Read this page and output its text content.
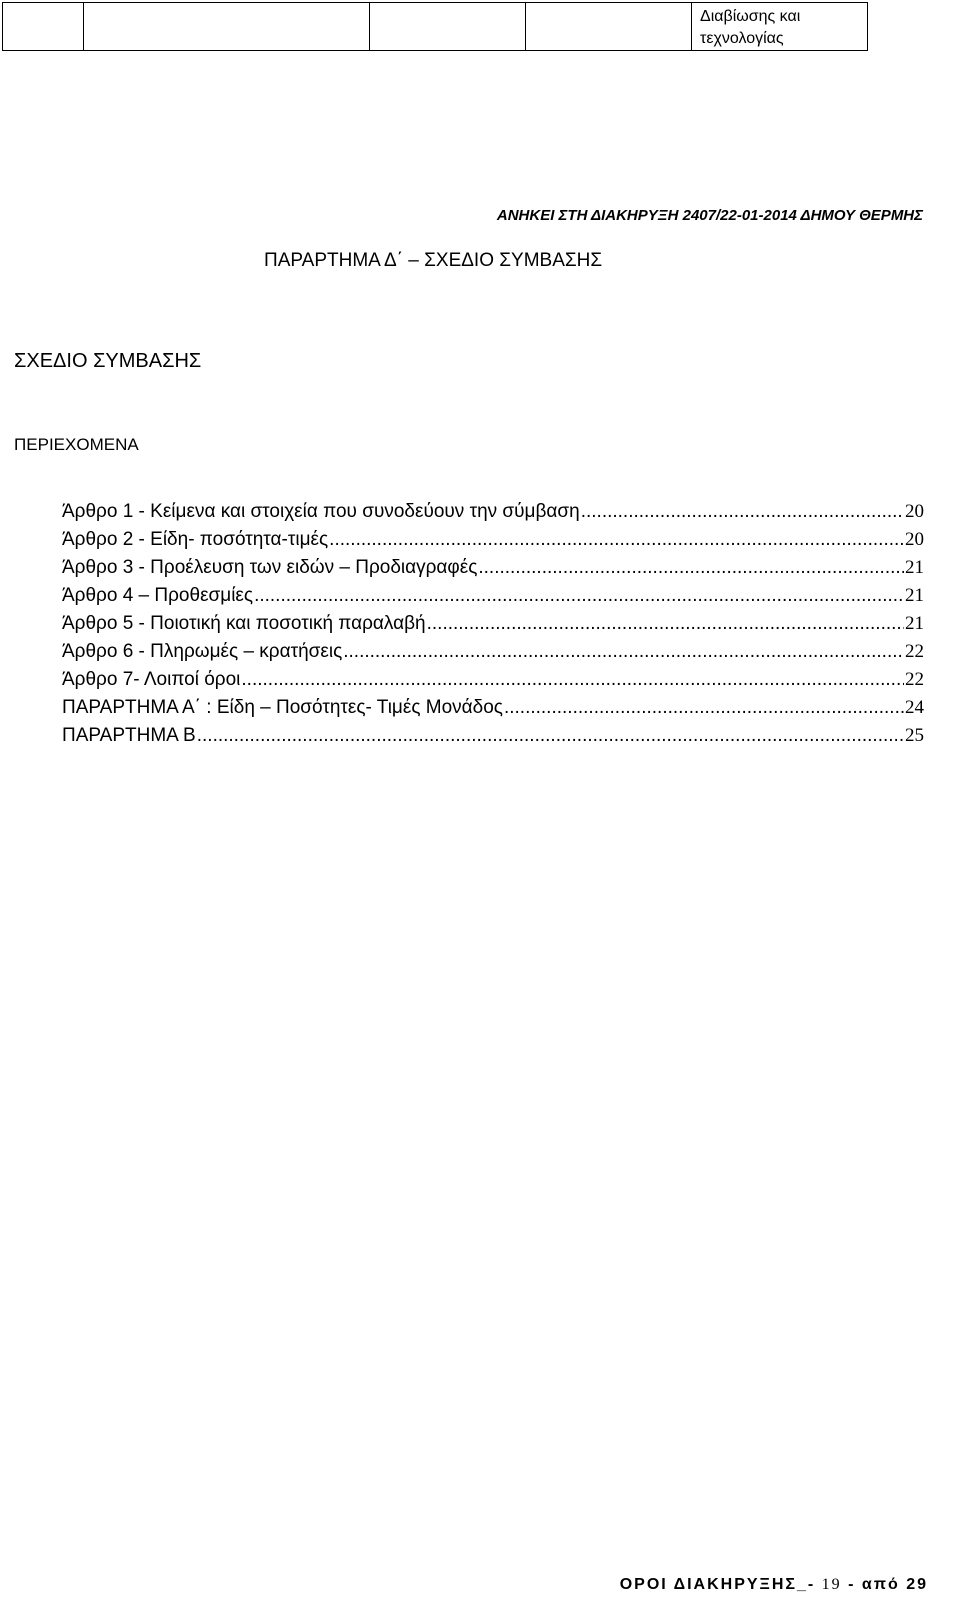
Διαβίωσης και
τεχνολογίας
ΑΝΗΚΕΙ ΣΤΗ ΔΙΑΚΗΡΥΞΗ 2407/22-01-2014 ΔΗΜΟΥ ΘΕΡΜΗΣ
ΠΑΡΑΡΤΗΜΑ Δ΄ – ΣΧΕΔΙΟ ΣΥΜΒΑΣΗΣ
ΣΧΕΔΙΟ ΣΥΜΒΑΣΗΣ
ΠΕΡΙΕΧΟΜΕΝΑ
Άρθρο 1 - Κείμενα και στοιχεία που συνοδεύουν την σύμβαση .....	20
Άρθρο 2 - Είδη- ποσότητα-τιμές .....	20
Άρθρο 3 - Προέλευση των ειδών – Προδιαγραφές .....	21
Άρθρο 4 – Προθεσμίες .....	21
Άρθρο 5 - Ποιοτική και ποσοτική παραλαβή .....	21
Άρθρο 6 - Πληρωμές – κρατήσεις .....	22
Άρθρο 7- Λοιποί όροι .....	22
ΠΑΡΑΡΤΗΜΑ Α΄ : Είδη – Ποσότητες- Τιμές Μονάδος .....	24
ΠΑΡΑΡΤΗΜΑ Β .....	25
ΟΡΟΙ ΔΙΑΚΗΡΥΞΗΣ_- 19 - από 29
